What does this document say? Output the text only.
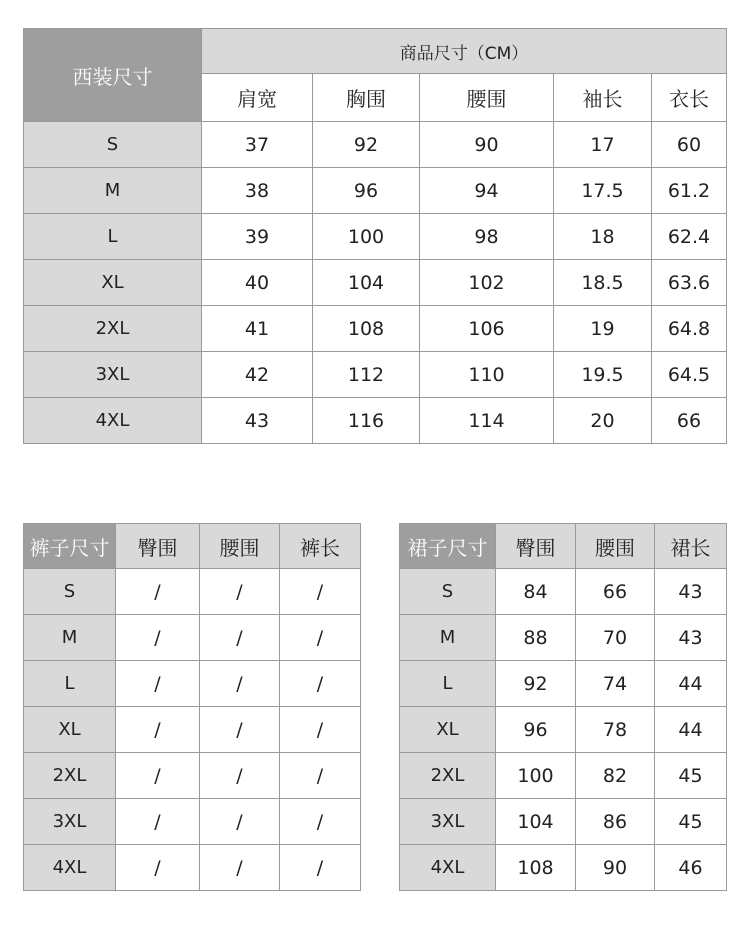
西装尺寸	商品尺寸（CM）				
	肩宽	胸围	腰围	袖长	衣长
S	37	92	90	17	60
M	38	96	94	17.5	61.2
L	39	100	98	18	62.4
XL	40	104	102	18.5	63.6
2XL	41	108	106	19	64.8
3XL	42	112	110	19.5	64.5
4XL	43	116	114	20	66
裤子尺寸	臀围	腰围	裤长
S	/	/	/
M	/	/	/
L	/	/	/
XL	/	/	/
2XL	/	/	/
3XL	/	/	/
4XL	/	/	/
裙子尺寸	臀围	腰围	裙长
S	84	66	43
M	88	70	43
L	92	74	44
XL	96	78	44
2XL	100	82	45
3XL	104	86	45
4XL	108	90	46
